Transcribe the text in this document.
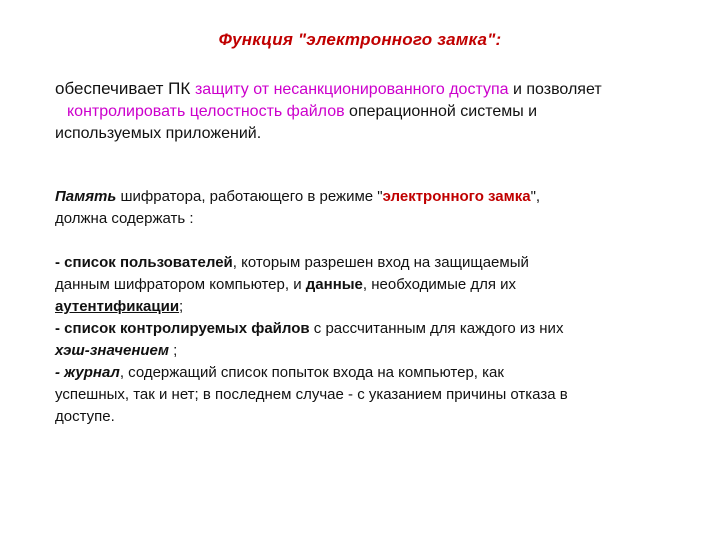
Функция "электронного замка":
обеспечивает ПК защиту от несанкционированного доступа и позволяет
контролировать целостность файлов операционной системы и
используемых приложений.
Память шифратора, работающего в режиме "электронного замка",
должна содержать :
- список пользователей, которым разрешен вход на защищаемый
данным шифратором компьютер, и данные, необходимые для их
аутентификации;
- список контролируемых файлов с рассчитанным для каждого из них
хэш-значением ;
- журнал, содержащий список попыток входа на компьютер, как
успешных, так и нет; в последнем случае - с указанием причины отказа в
доступе.
